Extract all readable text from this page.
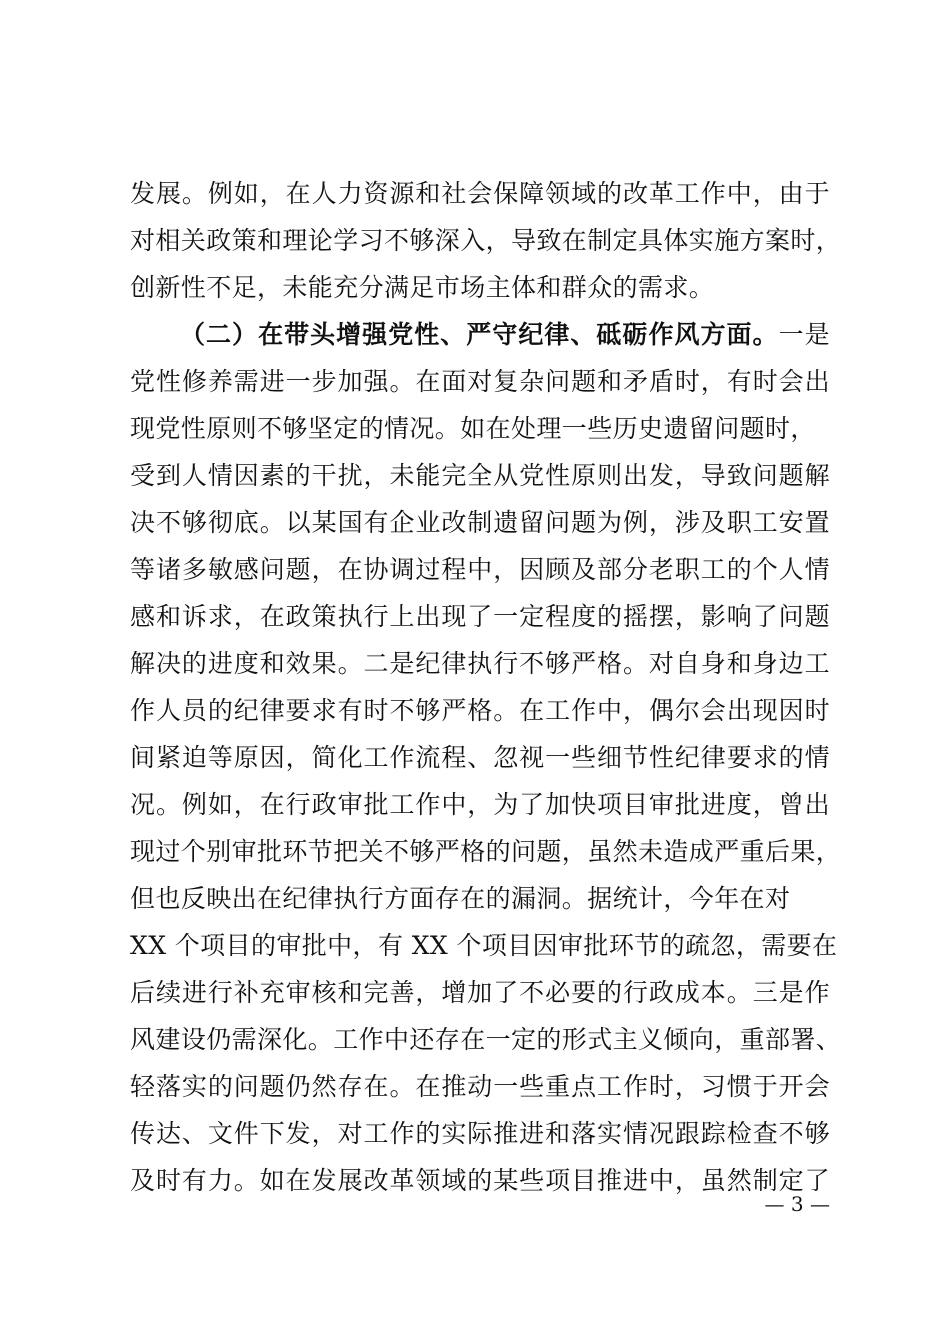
发展。例如，在人力资源和社会保障领域的改革工作中，由于
对相关政策和理论学习不够深入，导致在制定具体实施方案时，
创新性不足，未能充分满足市场主体和群众的需求。
（二）在带头增强党性、严守纪律、砥砺作风方面。一是
党性修养需进一步加强。在面对复杂问题和矛盾时，有时会出
现党性原则不够坚定的情况。如在处理一些历史遗留问题时，
受到人情因素的干扰，未能完全从党性原则出发，导致问题解
决不够彻底。以某国有企业改制遗留问题为例，涉及职工安置
等诸多敏感问题，在协调过程中，因顾及部分老职工的个人情
感和诉求，在政策执行上出现了一定程度的摇摆，影响了问题
解决的进度和效果。二是纪律执行不够严格。对自身和身边工
作人员的纪律要求有时不够严格。在工作中，偶尔会出现因时
间紧迫等原因，简化工作流程、忽视一些细节性纪律要求的情
况。例如，在行政审批工作中，为了加快项目审批进度，曾出
现过个别审批环节把关不够严格的问题，虽然未造成严重后果，
但也反映出在纪律执行方面存在的漏洞。据统计，今年在对
XX 个项目的审批中，有 XX 个项目因审批环节的疏忽，需要在
后续进行补充审核和完善，增加了不必要的行政成本。三是作
风建设仍需深化。工作中还存在一定的形式主义倾向，重部署、
轻落实的问题仍然存在。在推动一些重点工作时，习惯于开会
传达、文件下发，对工作的实际推进和落实情况跟踪检查不够
及时有力。如在发展改革领域的某些项目推进中，虽然制定了
— 3 —
